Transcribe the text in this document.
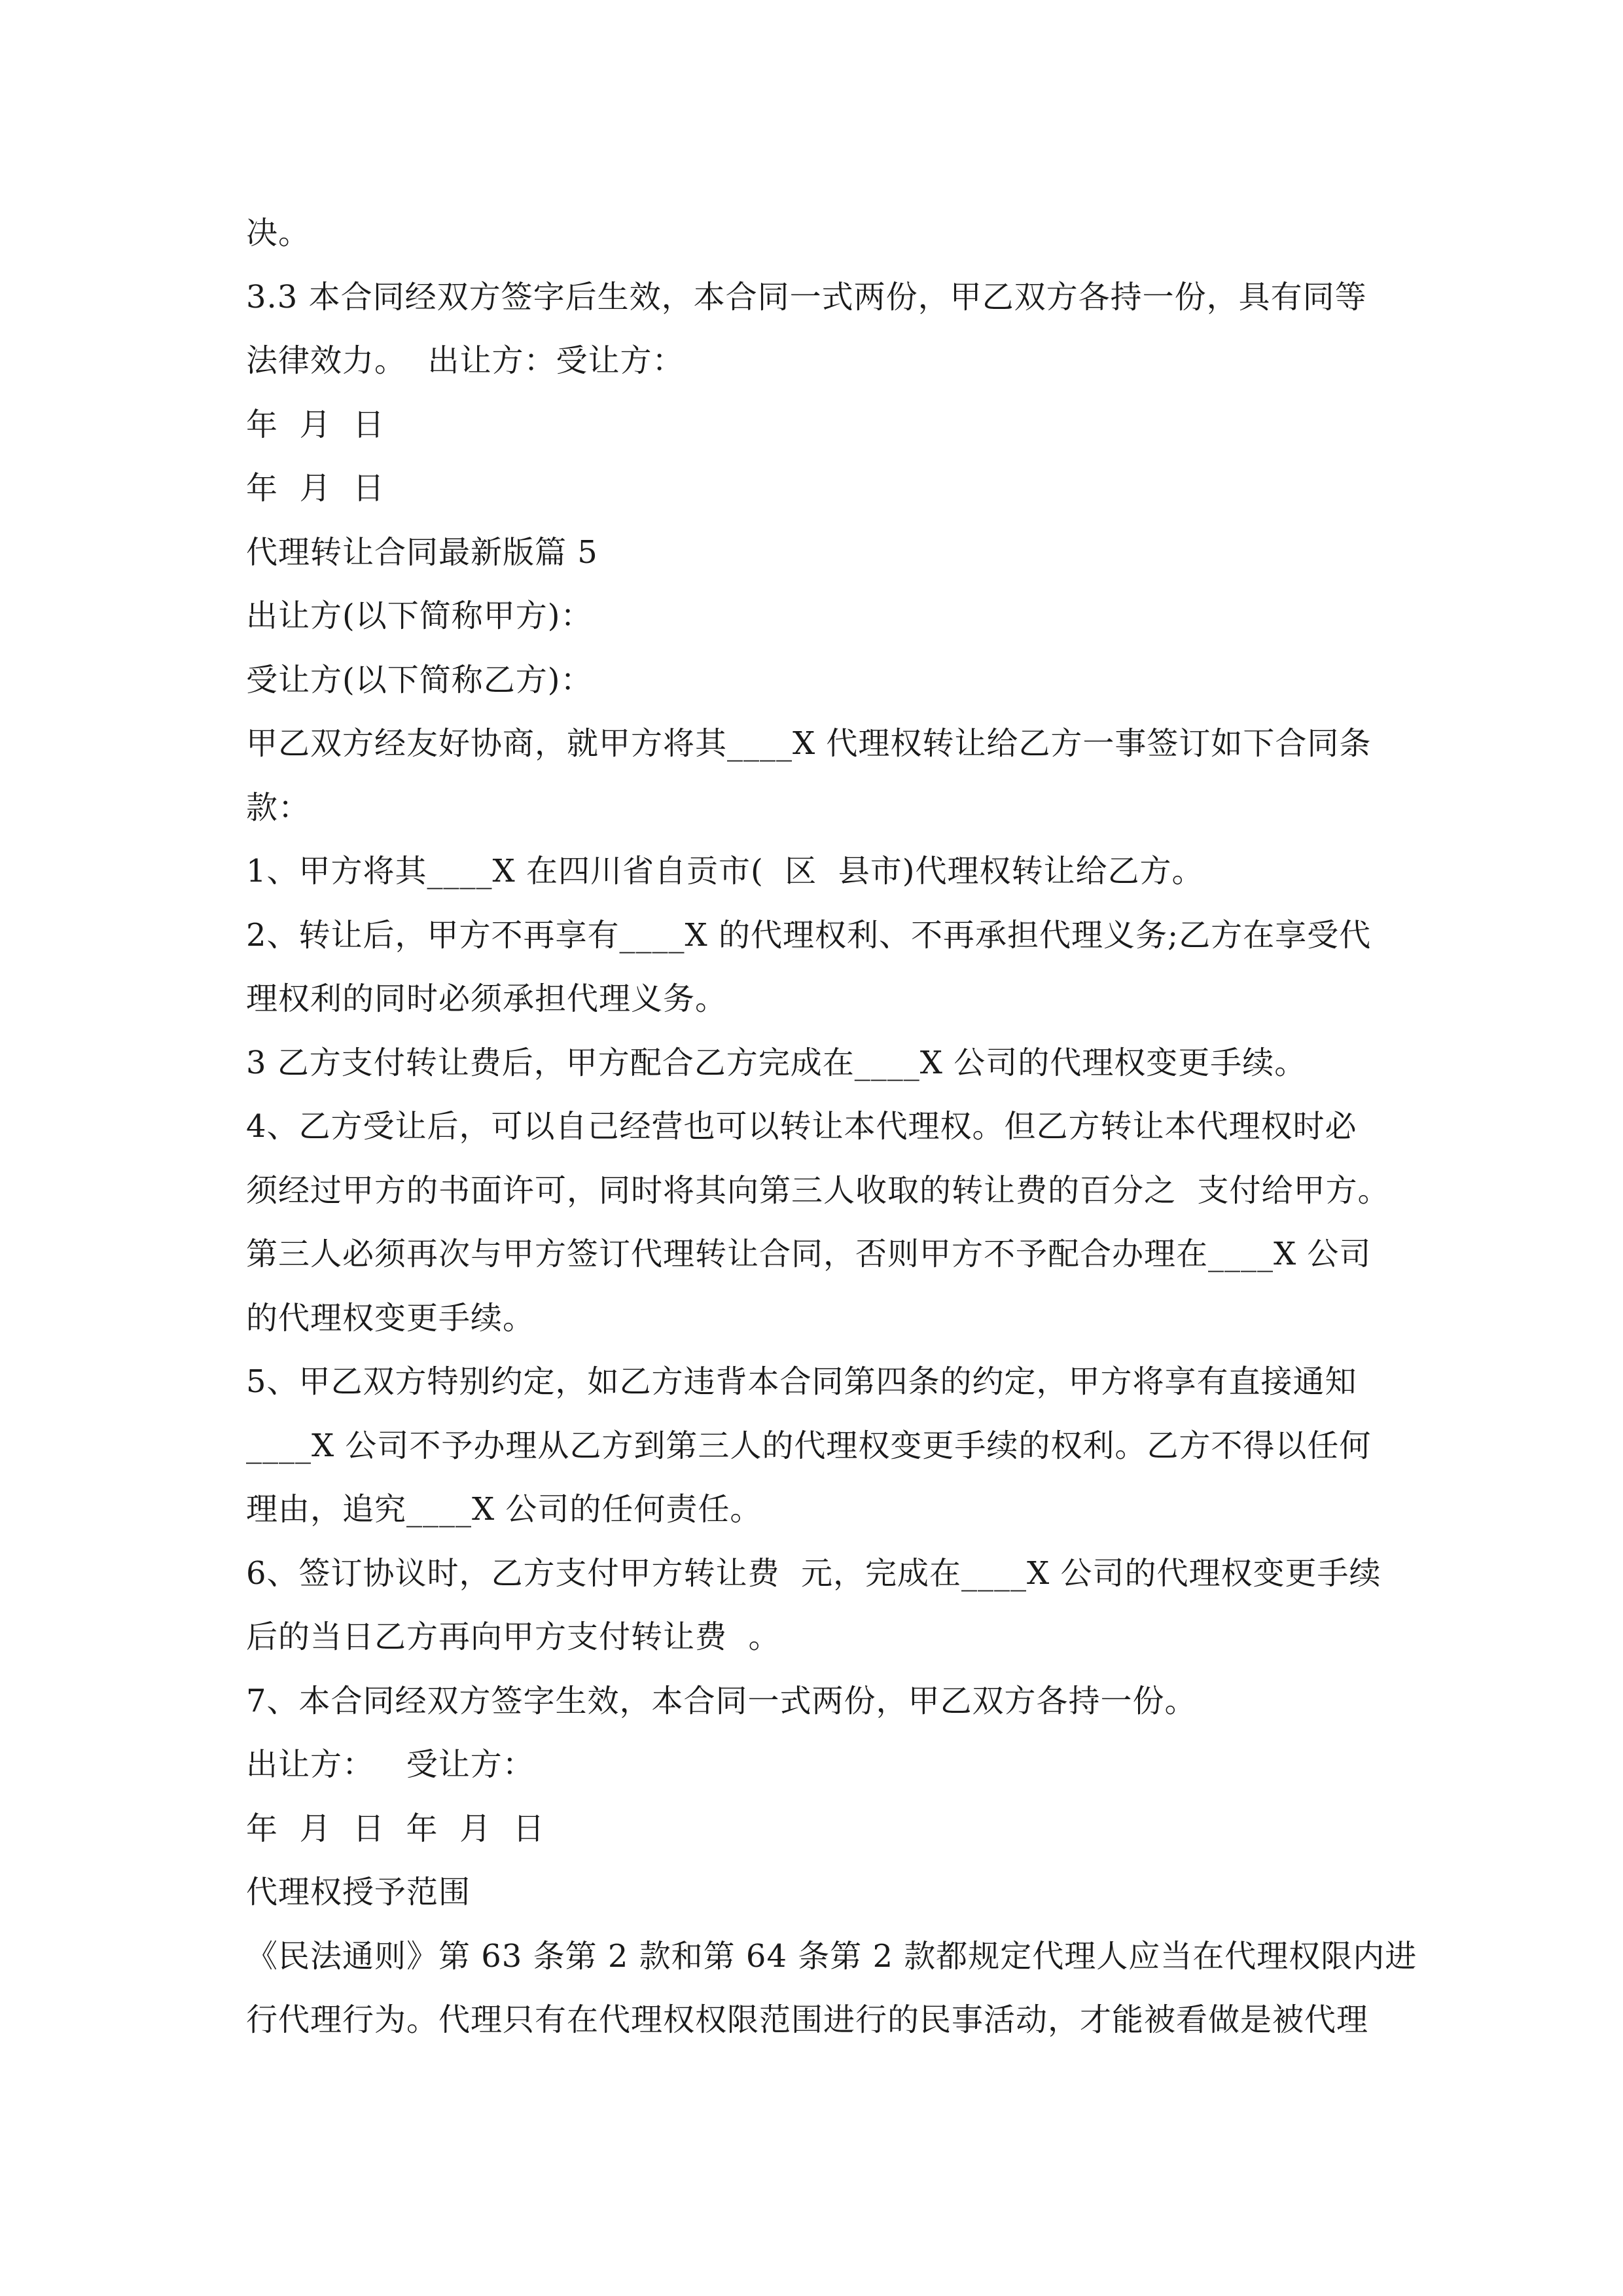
决。
3.3 本合同经双方签字后生效，本合同一式两份，甲乙双方各持一份，具有同等
法律效力。  出让方：受让方：
年  月  日
年  月  日
代理转让合同最新版篇 5
出让方(以下简称甲方)：
受让方(以下简称乙方)：
甲乙双方经友好协商，就甲方将其____X 代理权转让给乙方一事签订如下合同条
款：
1、甲方将其____X 在四川省自贡市(  区  县市)代理权转让给乙方。
2、转让后，甲方不再享有____X 的代理权利、不再承担代理义务;乙方在享受代
理权利的同时必须承担代理义务。
3 乙方支付转让费后，甲方配合乙方完成在____X 公司的代理权变更手续。
4、乙方受让后，可以自己经营也可以转让本代理权。但乙方转让本代理权时必
须经过甲方的书面许可，同时将其向第三人收取的转让费的百分之  支付给甲方。
第三人必须再次与甲方签订代理转让合同，否则甲方不予配合办理在____X 公司
的代理权变更手续。
5、甲乙双方特别约定，如乙方违背本合同第四条的约定，甲方将享有直接通知
____X 公司不予办理从乙方到第三人的代理权变更手续的权利。乙方不得以任何
理由，追究____X 公司的任何责任。
6、签订协议时，乙方支付甲方转让费  元，完成在____X 公司的代理权变更手续
后的当日乙方再向甲方支付转让费  。
7、本合同经双方签字生效，本合同一式两份，甲乙双方各持一份。
出让方：   受让方：
年  月  日  年  月  日
代理权授予范围
《民法通则》第 63 条第 2 款和第 64 条第 2 款都规定代理人应当在代理权限内进
行代理行为。代理只有在代理权权限范围进行的民事活动，才能被看做是被代理
